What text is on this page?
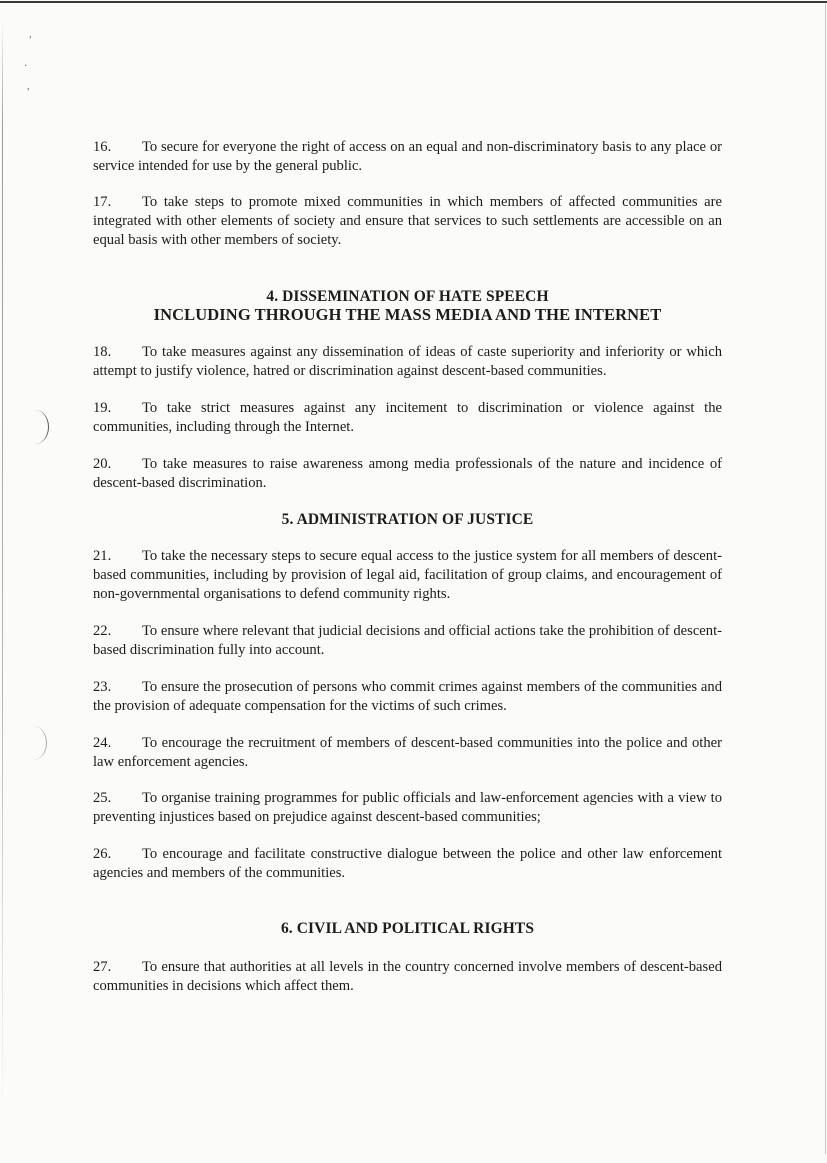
,
·
,
16. To secure for everyone the right of access on an equal and non-discriminatory basis to any place or service intended for use by the general public.
17. To take steps to promote mixed communities in which members of affected communities are integrated with other elements of society and ensure that services to such settlements are accessible on an equal basis with other members of society.
4. DISSEMINATION OF HATE SPEECH
INCLUDING THROUGH THE MASS MEDIA AND THE INTERNET
18. To take measures against any dissemination of ideas of caste superiority and inferiority or which attempt to justify violence, hatred or discrimination against descent-based communities.
19. To take strict measures against any incitement to discrimination or violence against the communities, including through the Internet.
20. To take measures to raise awareness among media professionals of the nature and incidence of descent-based discrimination.
5. ADMINISTRATION OF JUSTICE
21. To take the necessary steps to secure equal access to the justice system for all members of descent-based communities, including by provision of legal aid, facilitation of group claims, and encouragement of non-governmental organisations to defend community rights.
22. To ensure where relevant that judicial decisions and official actions take the prohibition of descent-based discrimination fully into account.
23. To ensure the prosecution of persons who commit crimes against members of the communities and the provision of adequate compensation for the victims of such crimes.
24. To encourage the recruitment of members of descent-based communities into the police and other law enforcement agencies.
25. To organise training programmes for public officials and law-enforcement agencies with a view to preventing injustices based on prejudice against descent-based communities;
26. To encourage and facilitate constructive dialogue between the police and other law enforcement agencies and members of the communities.
6. CIVIL AND POLITICAL RIGHTS
27. To ensure that authorities at all levels in the country concerned involve members of descent-based communities in decisions which affect them.
